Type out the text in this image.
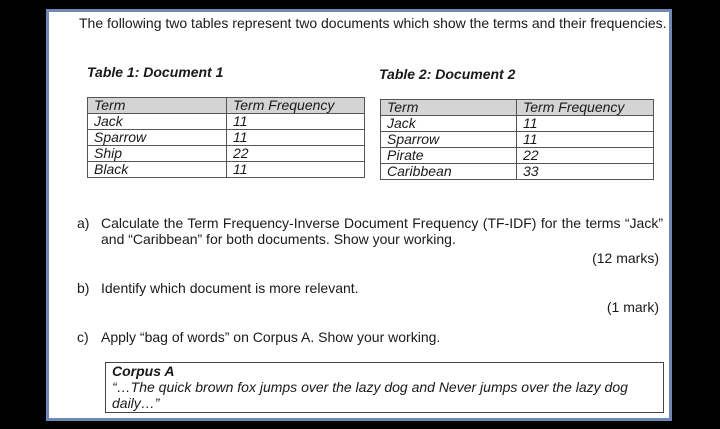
The following two tables represent two documents which show the terms and their frequencies.
Table 1: Document 1	Table 2: Document 2
Term	Term Frequency
Jack	11
Sparrow	11
Ship	22
Black	11
Term	Term Frequency
Jack	11
Sparrow	11
Pirate	22
Caribbean	33
a) Calculate the Term Frequency-Inverse Document Frequency (TF-IDF) for the terms “Jack” and “Caribbean” for both documents. Show your working.
(12 marks)
b) Identify which document is more relevant.
(1 mark)
c) Apply “bag of words” on Corpus A. Show your working.
Corpus A
“…The quick brown fox jumps over the lazy dog and Never jumps over the lazy dog daily…”
